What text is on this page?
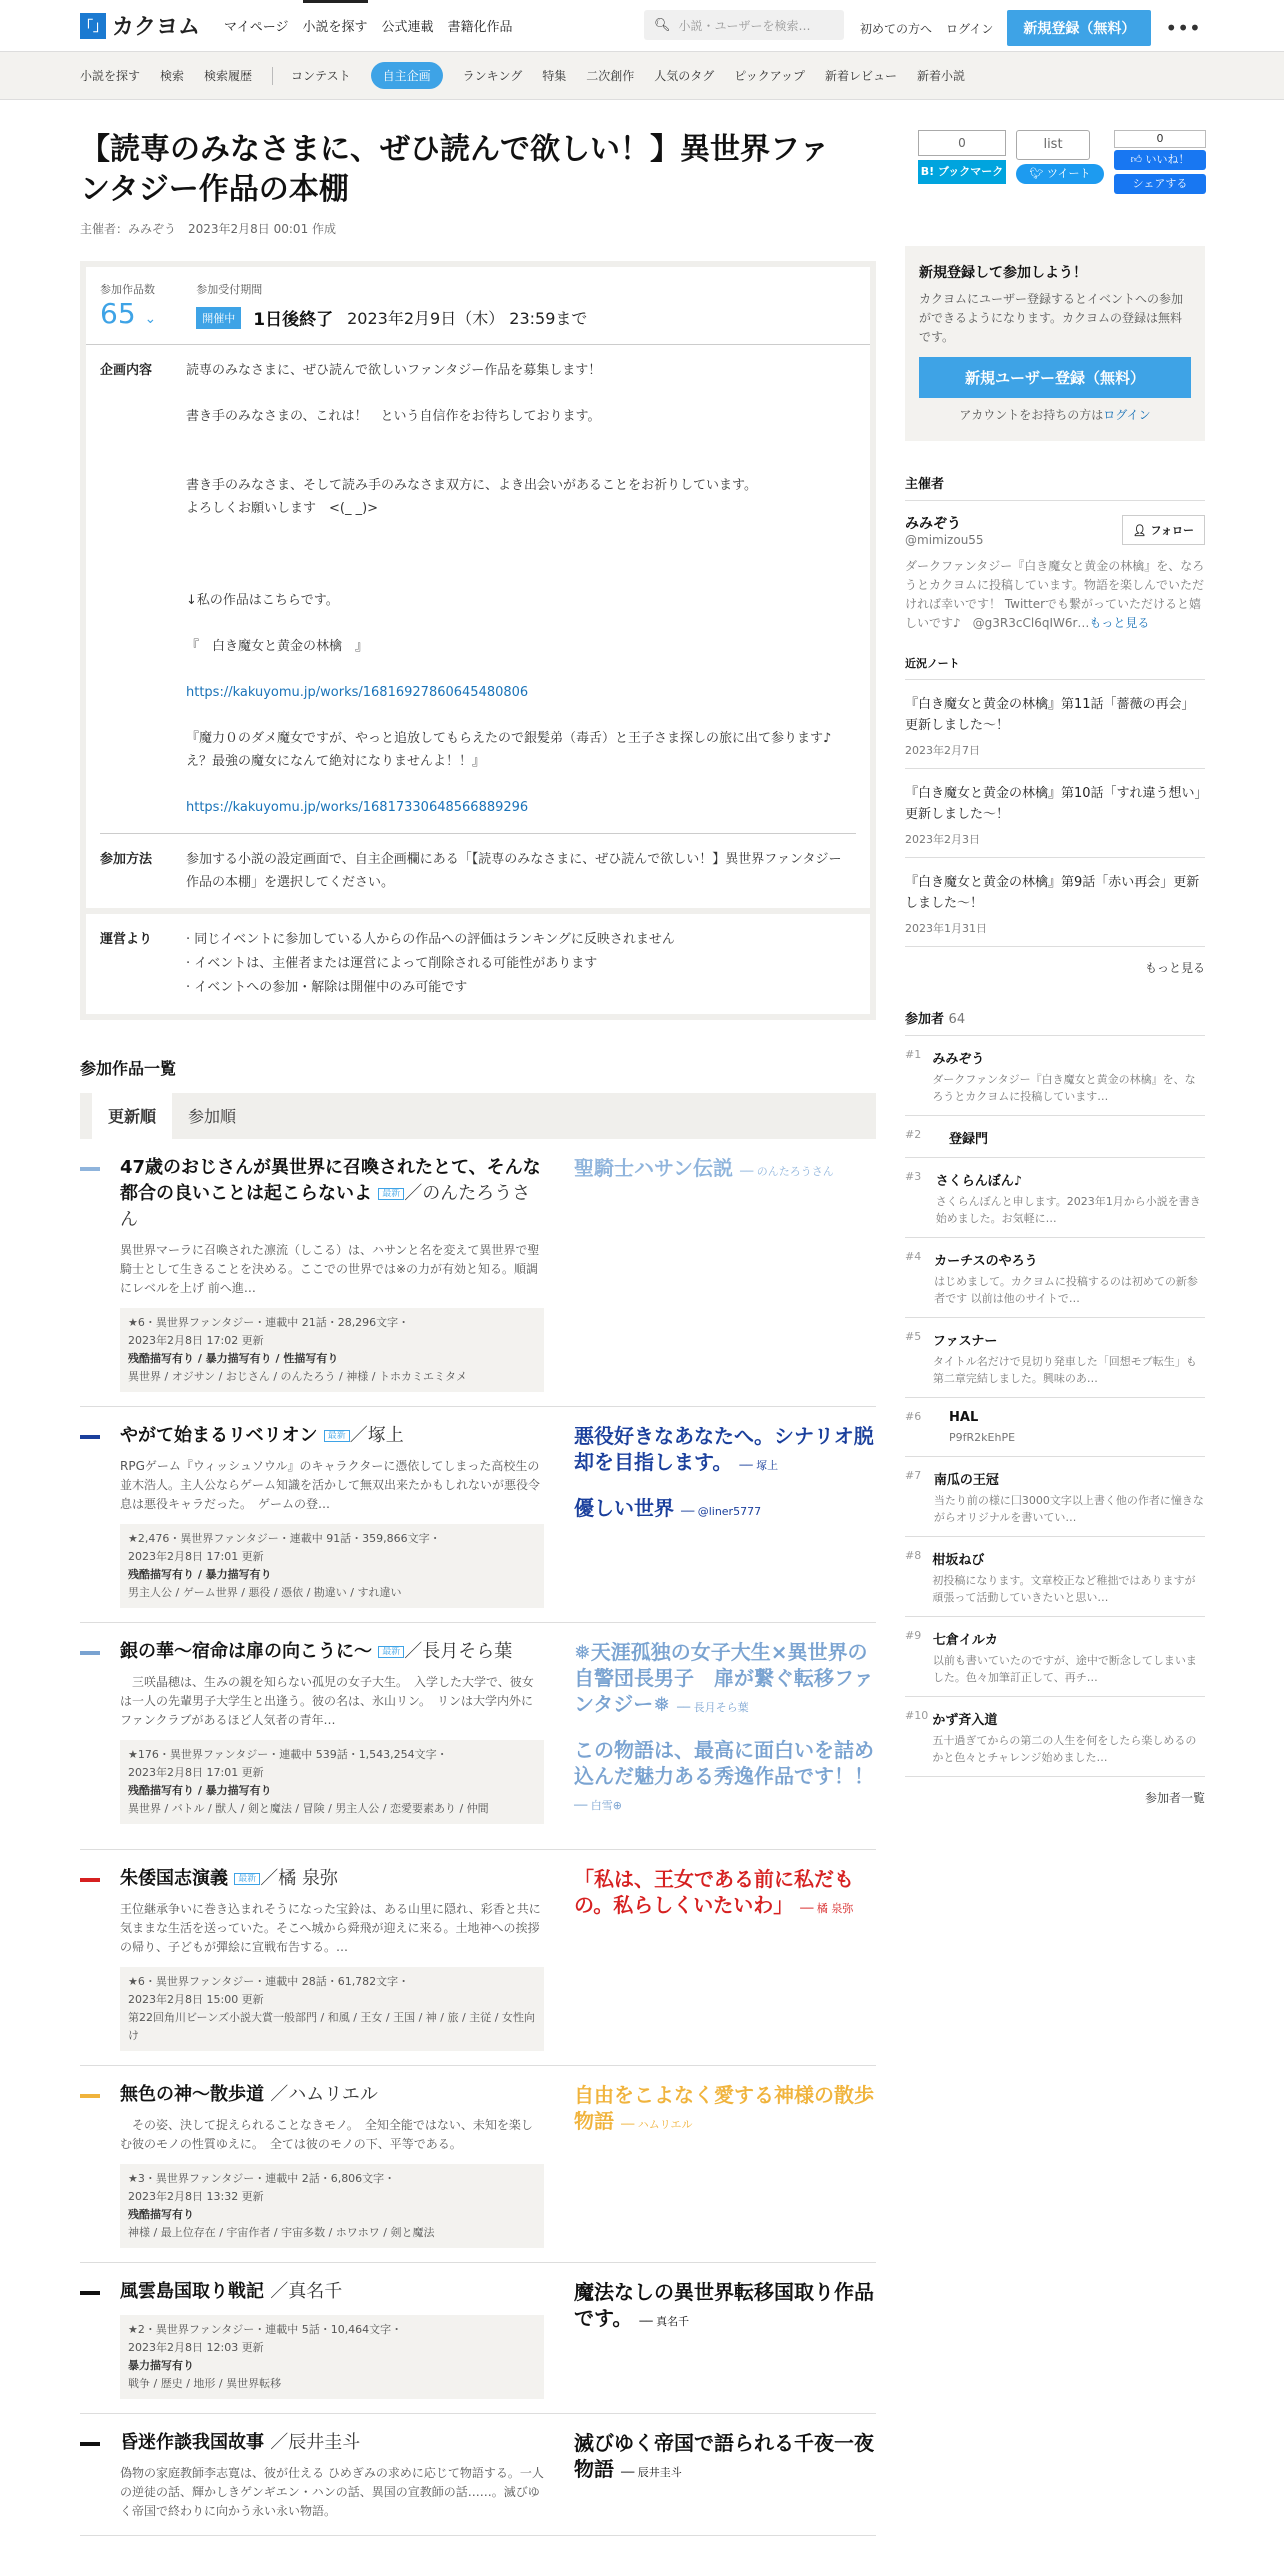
「」 カクヨム マイページ 小説を探す 公式連載 書籍化作品	🔍︎ 小説・ユーザーを検索…	初めての方へ ログイン	新規登録（無料）	•••
小説を探す 検索 検索履歴	コンテスト	自主企画	ランキング 特集 二次創作 人気のタグ ピックアップ 新着レビュー 新着小説
【読専のみなさまに、ぜひ読んで欲しい！】異世界ファンタジー作品の本棚
主催者：みみぞう　2023年2月8日 00:01 作成
0
B! ブックマーク
list
🐦︎ ツイート
0
👍︎ いいね！
シェアする
参加作品数
65 ⌄
参加受付期間
開催中	1日後終了 2023年2月9日（木） 23:59まで
企画内容	読専のみなさまに、ぜひ読んで欲しいファンタジー作品を募集します！

書き手のみなさまの、これは！　という自信作をお待ちしております。

書き手のみなさま、そして読み手のみなさま双方に、よき出会いがあることをお祈りしています。

よろしくお願いします　<(_ _)>

↓私の作品はこちらです。

『　白き魔女と黄金の林檎　』

https://kakuyomu.jp/works/16816927860645480806

『魔力０のダメ魔女ですが、やっと追放してもらえたので銀髪弟（毒舌）と王子さま探しの旅に出て参ります♪　え？最強の魔女になんて絶対になりませんよ！！』

https://kakuyomu.jp/works/16817330648566889296

参加方法	参加する小説の設定画面で、自主企画欄にある「【読専のみなさまに、ぜひ読んで欲しい！】異世界ファンタジー作品の本棚」を選択してください。
運営より	· 同じイベントに参加している人からの作品への評価はランキングに反映されません
· イベントは、主催者または運営によって削除される可能性があります
· イベントへの参加・解除は開催中のみ可能です
参加作品一覧
更新順	参加順
47歳のおじさんが異世界に召喚されたとて、そんな都合の良いことは起こらないよ 最新 ／のんたろうさん
異世界マーラに召喚された凛流（しこる）は、ハサンと名を変えて異世界で聖騎士として生きることを決める。ここでの世界では※の力が有効と知る。順調にレベルを上げ 前へ進…
★6・異世界ファンタジー・連載中 21話・28,296文字・
2023年2月8日 17:02 更新
残酷描写有り / 暴力描写有り / 性描写有り
異世界 / オジサン / おじさん / のんたろう / 神様 / トホカミエミタメ
聖騎士ハサン伝説 ── のんたろうさん
やがて始まるリベリオン 最新 ／塚上
RPGゲーム『ウィッシュソウル』のキャラクターに憑依してしまった高校生の並木浩人。主人公ならゲーム知識を活かして無双出来たかもしれないが悪役令息は悪役キャラだった。　ゲームの登…
★2,476・異世界ファンタジー・連載中 91話・359,866文字・
2023年2月8日 17:01 更新
残酷描写有り / 暴力描写有り
男主人公 / ゲーム世界 / 悪役 / 憑依 / 勘違い / すれ違い
悪役好きなあなたへ。シナリオ脱却を目指します。 ── 塚上
優しい世界 ── @liner5777
銀の華～宿命は扉の向こうに～ 最新 ／長月そら葉
　三咲晶穂は、生みの親を知らない孤児の女子大生。　入学した大学で、彼女は一人の先輩男子大学生と出逢う。彼の名は、氷山リン。　リンは大学内外にファンクラブがあるほど人気者の青年…
★176・異世界ファンタジー・連載中 539話・1,543,254文字・
2023年2月8日 17:01 更新
残酷描写有り / 暴力描写有り
異世界 / バトル / 獣人 / 剣と魔法 / 冒険 / 男主人公 / 恋愛要素あり / 仲間
❅天涯孤独の女子大生×異世界の自警団長男子　扉が繋ぐ転移ファンタジー❅ ── 長月そら葉
この物語は、最高に面白いを詰め込んだ魅力ある秀逸作品です！！ ── 白雪⊕
朱倭国志演義 最新 ／橘 泉弥
王位継承争いに巻き込まれそうになった宝鈴は、ある山里に隠れ、彩香と共に気ままな生活を送っていた。そこへ城から舜飛が迎えに来る。土地神への挨拶の帰り、子どもが彈絵に宣戦布告する。…
★6・異世界ファンタジー・連載中 28話・61,782文字・
2023年2月8日 15:00 更新
第22回角川ビーンズ小説大賞一般部門 / 和風 / 王女 / 王国 / 神 / 旅 / 主従 / 女性向け
「私は、王女である前に私だもの。私らしくいたいわ」 ── 橘 泉弥
無色の神～散歩道 ／ハムリエル
　その姿、決して捉えられることなきモノ。　全知全能ではない、未知を楽しむ彼のモノの性質ゆえに。　全ては彼のモノの下、平等である。
★3・異世界ファンタジー・連載中 2話・6,806文字・
2023年2月8日 13:32 更新
残酷描写有り
神様 / 最上位存在 / 宇宙作者 / 宇宙多数 / ホワホワ / 剣と魔法
自由をこよなく愛する神様の散歩物語 ── ハムリエル
風雲島国取り戦記 ／真名千
★2・異世界ファンタジー・連載中 5話・10,464文字・
2023年2月8日 12:03 更新
暴力描写有り
戦争 / 歴史 / 地形 / 異世界転移
魔法なしの異世界転移国取り作品です。 ── 真名千
昏迷作談我国故事 ／辰井圭斗
偽物の家庭教師李志寛は、彼が仕える ひめぎみの求めに応じて物語する。一人の逆徒の話、輝かしきゲンギエン・ハンの話、異国の宣教師の話……。滅びゆく帝国で終わりに向かう永い永い物語。
滅びゆく帝国で語られる千夜一夜物語 ── 辰井圭斗
新規登録して参加しよう！

カクヨムにユーザー登録するとイベントへの参加ができるようになります。カクヨムの登録は無料です。

新規ユーザー登録（無料）

アカウントをお持ちの方はログイン

主催者
みみぞう
@mimizou55
👤︎ フォロー

ダークファンタジー『白き魔女と黄金の林檎』を、なろうとカクヨムに投稿しています。物語を楽しんでいただければ幸いです！ Twitterでも繋がっていただけると嬉しいです♪　@g3R3cCl6qIW6r…もっと見る

近況ノート
『白き魔女と黄金の林檎』第11話「薔薇の再会」更新しました～！
2023年2月7日
『白き魔女と黄金の林檎』第10話「すれ違う想い」更新しました～！
2023年2月3日
『白き魔女と黄金の林檎』第9話「赤い再会」更新しました～！
2023年1月31日
もっと見る
参加者 64
#1 みみぞう
ダークファンタジー『白き魔女と黄金の林檎』を、なろうとカクヨムに投稿しています…
#2	登録門
#3	さくらんぼん♪
さくらんぼんと申します。2023年1月から小説を書き始めました。お気軽に…
#4 カーチスのやろう
はじめまして。カクヨムに投稿するのは初めての新参者です 以前は他のサイトで…
#5 ファスナー
タイトル名だけで見切り発車した「回想モブ転生」も第二章完結しました。興味のあ…
#6	HAL
P9fR2kEhPE
#7 南瓜の王冠
当たり前の様に囗3000文字以上書く他の作者に憧きながらオリジナルを書いてい…
#8 柑坂ねび
初投稿になります。文章校正など稚拙ではありますが頑張って活動していきたいと思い…
#9 七倉イルカ
以前も書いていたのですが、途中で断念してしまいました。色々加筆訂正して、再チ…
#10 かず斉入道
五十過ぎてからの第二の人生を何をしたら楽しめるのかと色々とチャレンジ始めました…
参加者一覧
